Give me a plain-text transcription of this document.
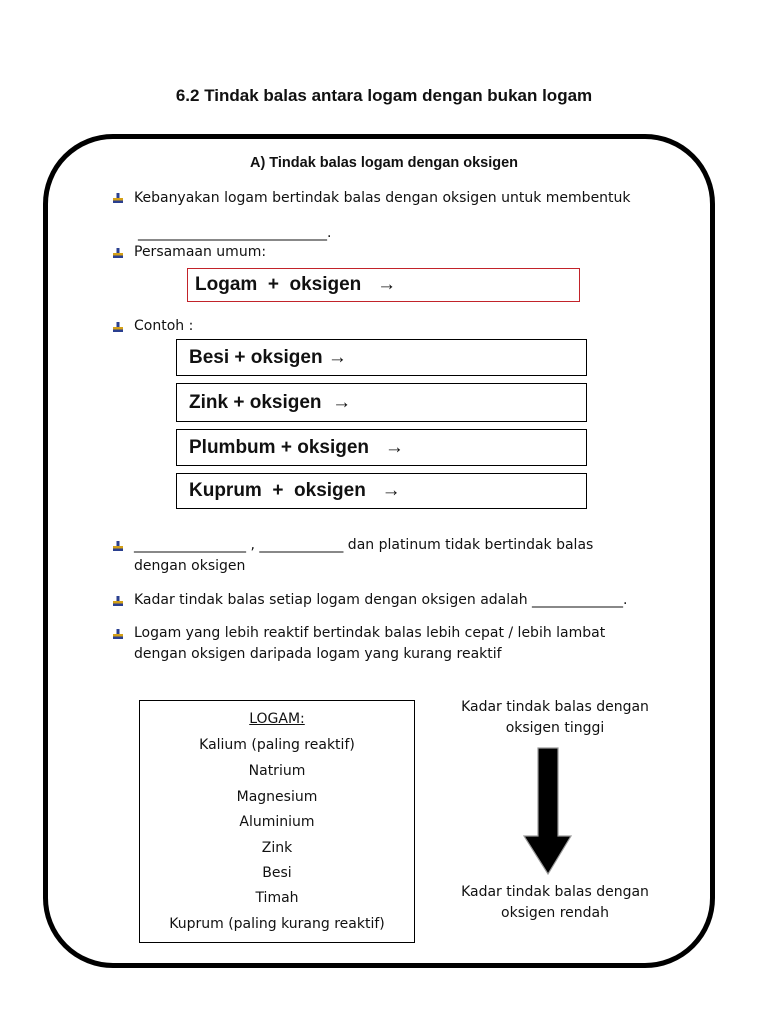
6.2 Tindak balas antara logam dengan bukan logam
A) Tindak balas logam dengan oksigen
Kebanyakan logam bertindak balas dengan oksigen untuk membentuk
___________________________.
Persamaan umum:
Logam  +  oksigen   →
Contoh :
Besi + oksigen →
Zink + oksigen  →
Plumbum + oksigen   →
Kuprum  +  oksigen   →
________________ , ____________ dan platinum tidak bertindak balas
dengan oksigen
Kadar tindak balas setiap logam dengan oksigen adalah _____________.
Logam yang lebih reaktif bertindak balas lebih cepat / lebih lambat
dengan oksigen daripada logam yang kurang reaktif
LOGAM:
Kalium (paling reaktif)
Natrium
Magnesium
Aluminium
Zink
Besi
Timah
Kuprum (paling kurang reaktif)
Kadar tindak balas dengan
oksigen tinggi
Kadar tindak balas dengan
oksigen rendah
